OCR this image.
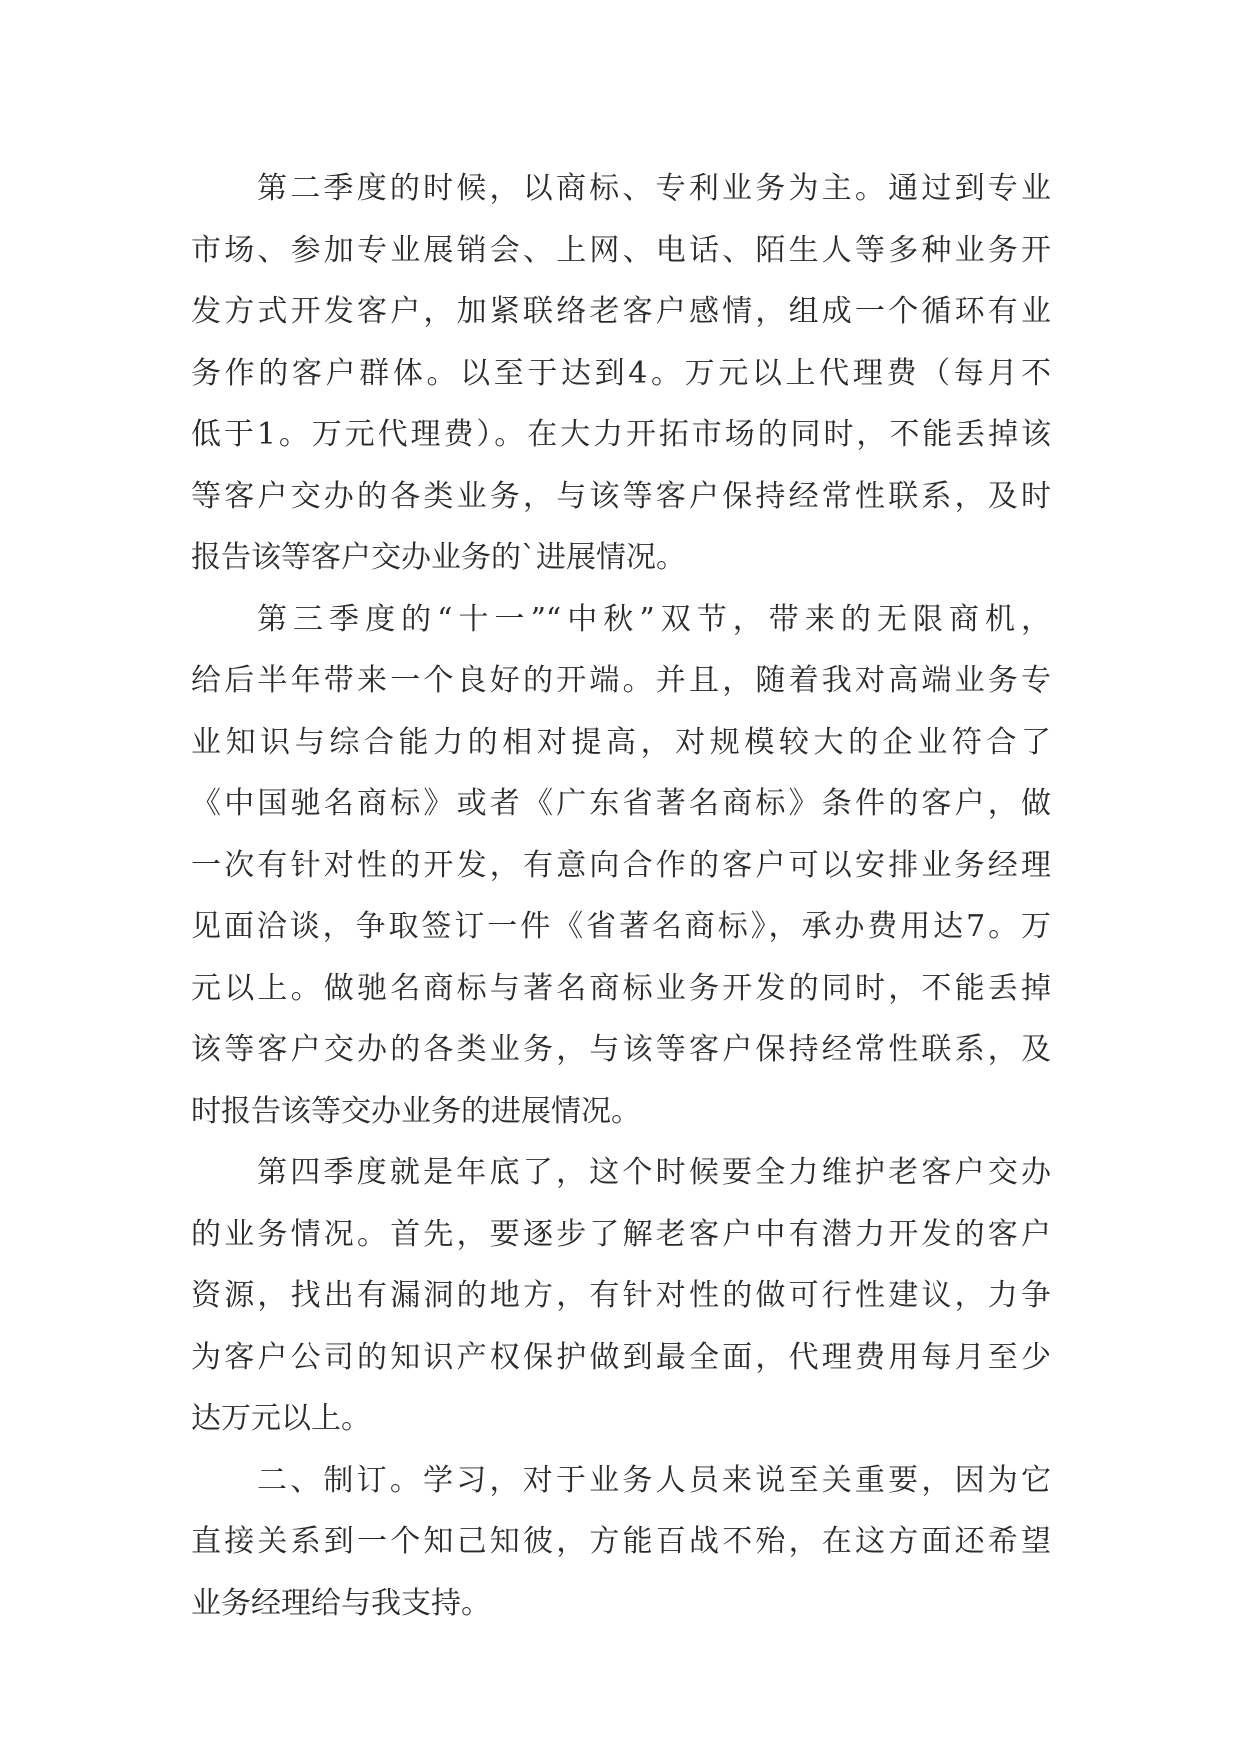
第二季度的时候，以商标、专利业务为主。通过到专业
市场、参加专业展销会、上网、电话、陌生人等多种业务开
发方式开发客户，加紧联络老客户感情，组成一个循环有业
务作的客户群体。以至于达到4。万元以上代理费（每月不
低于1。万元代理费）。在大力开拓市场的同时，不能丢掉该
等客户交办的各类业务，与该等客户保持经常性联系，及时
报告该等客户交办业务的`进展情况。
第三季度的“十一”“中秋”双节，带来的无限商机，
给后半年带来一个良好的开端。并且，随着我对高端业务专
业知识与综合能力的相对提高，对规模较大的企业符合了
《中国驰名商标》或者《广东省著名商标》条件的客户，做
一次有针对性的开发，有意向合作的客户可以安排业务经理
见面洽谈，争取签订一件《省著名商标》，承办费用达7。万
元以上。做驰名商标与著名商标业务开发的同时，不能丢掉
该等客户交办的各类业务，与该等客户保持经常性联系，及
时报告该等交办业务的进展情况。
第四季度就是年底了，这个时候要全力维护老客户交办
的业务情况。首先，要逐步了解老客户中有潜力开发的客户
资源，找出有漏洞的地方，有针对性的做可行性建议，力争
为客户公司的知识产权保护做到最全面，代理费用每月至少
达万元以上。
二、制订。学习，对于业务人员来说至关重要，因为它
直接关系到一个知己知彼，方能百战不殆，在这方面还希望
业务经理给与我支持。
